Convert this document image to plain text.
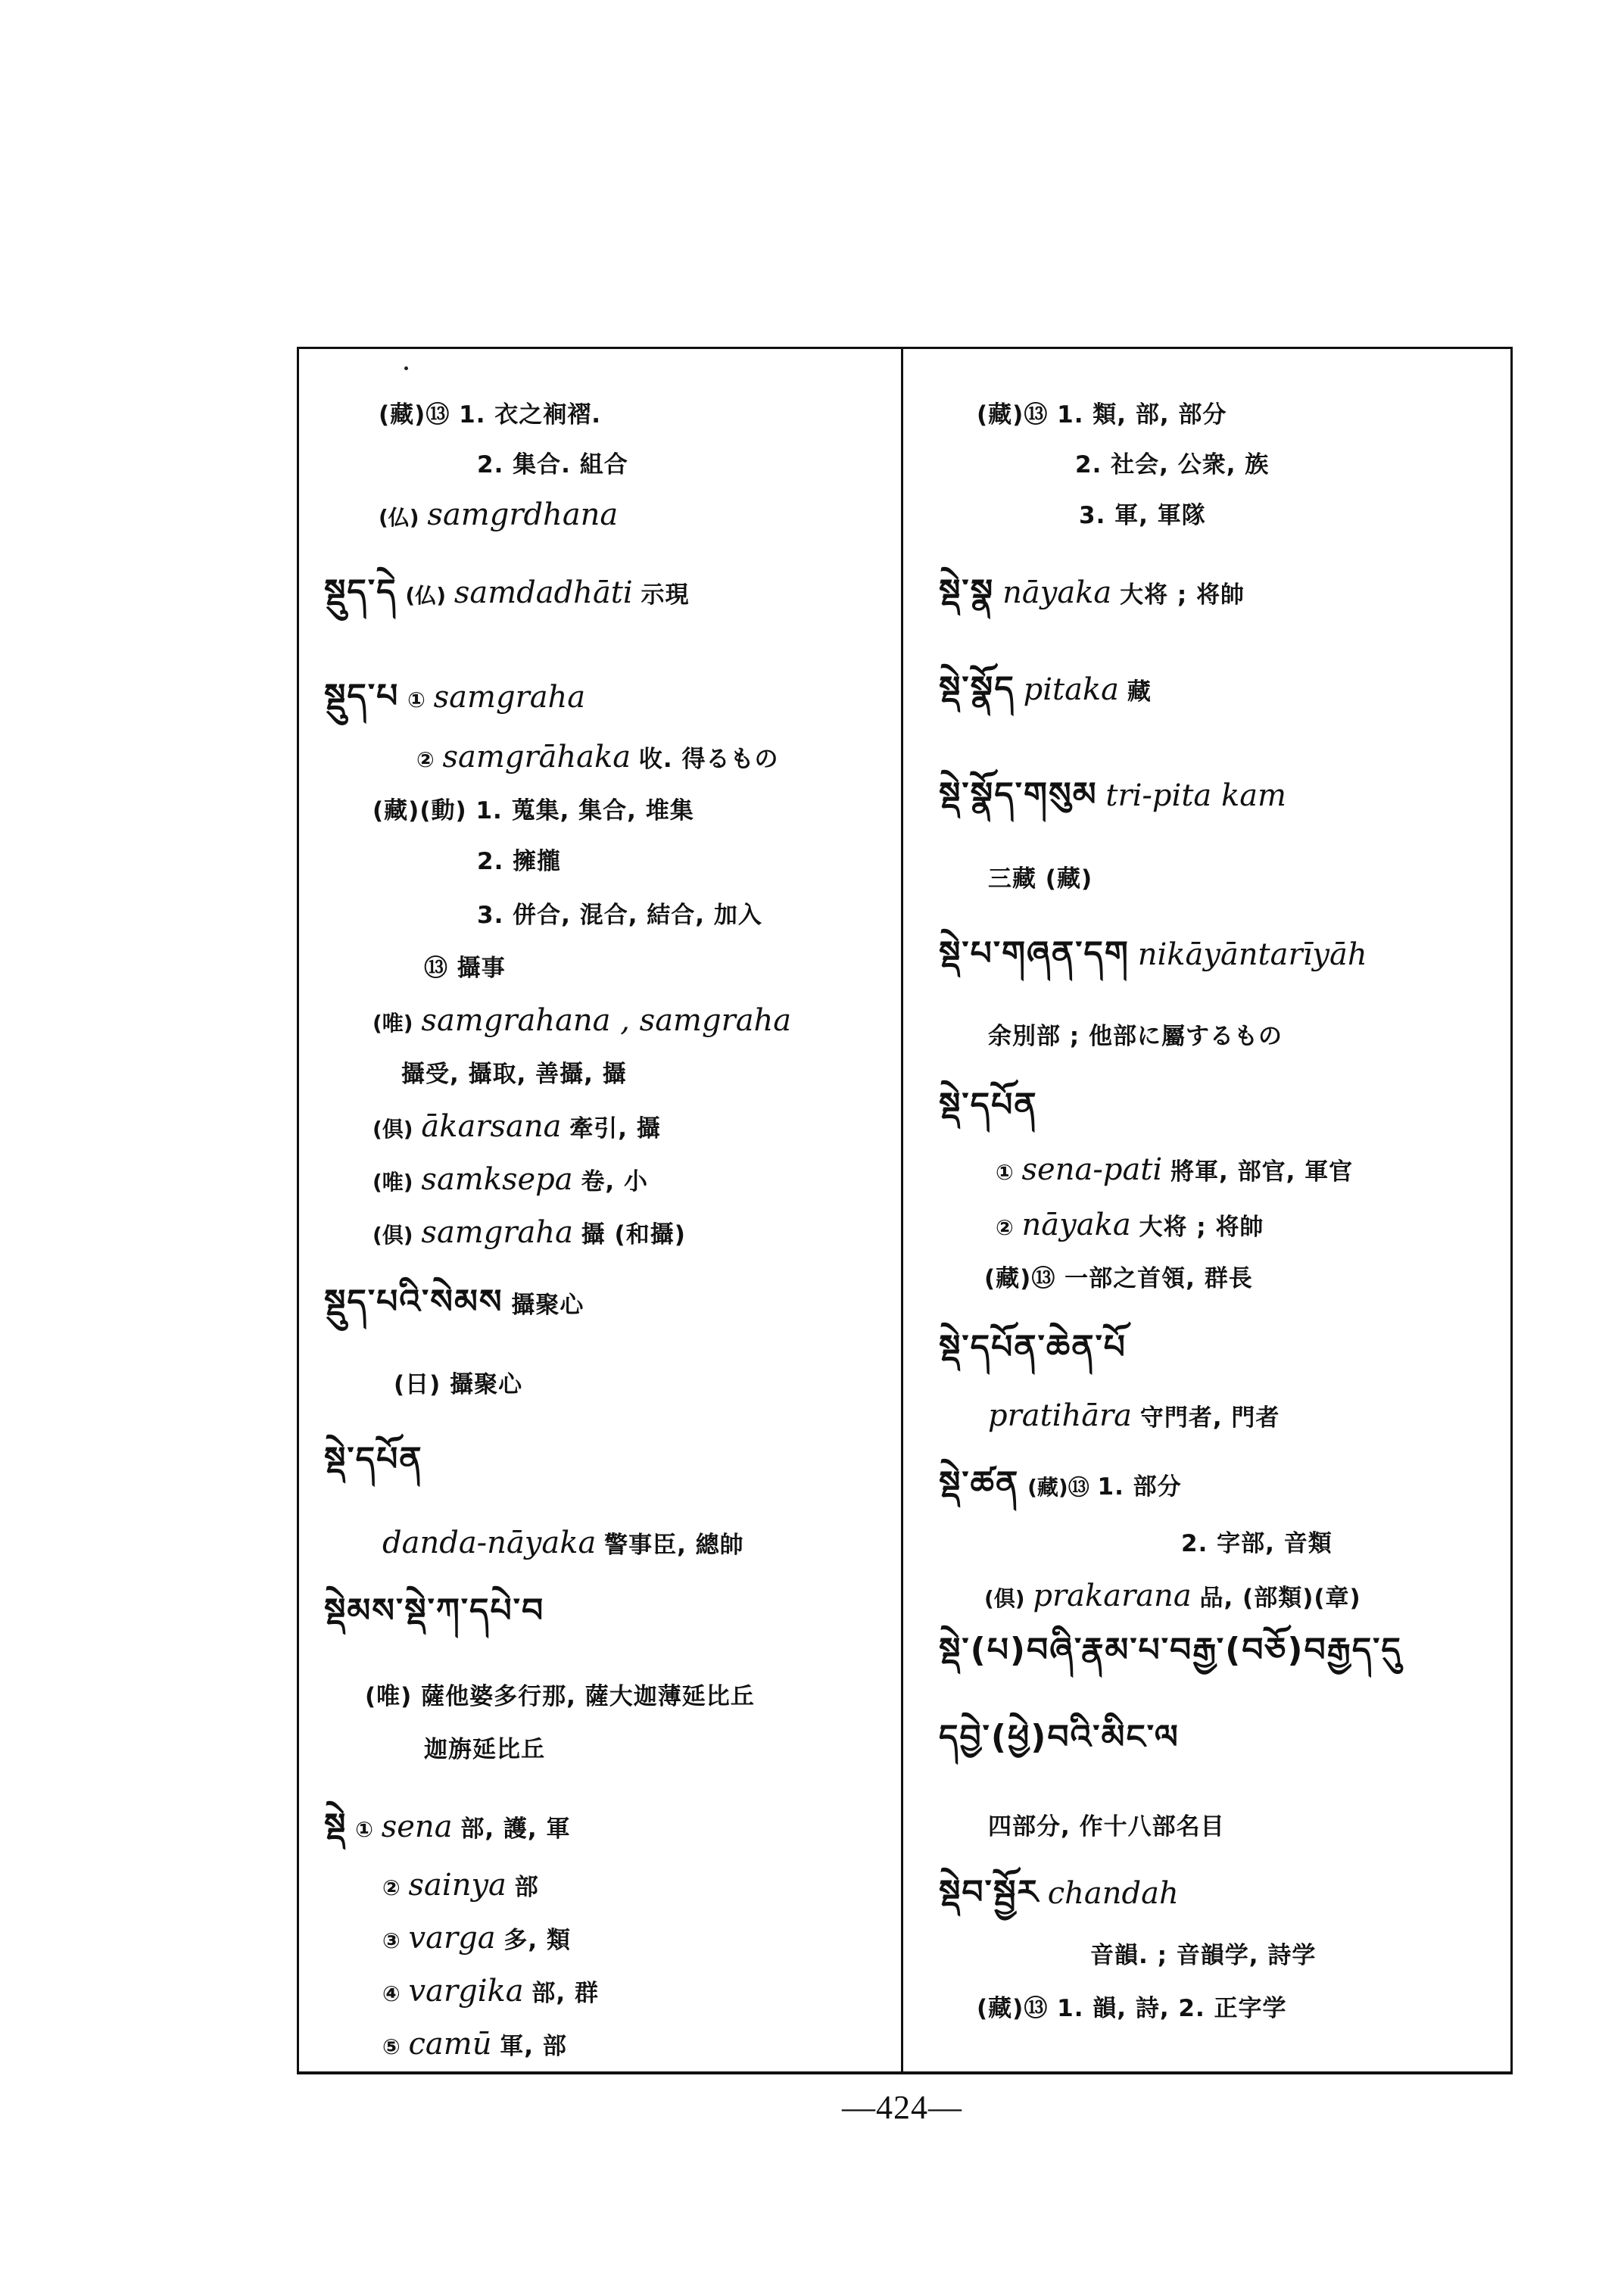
(藏)⑬ 1. 衣之裥褶.
2. 集合. 組合
(仏) samgrdhana
སྡུད་དེ (仏) samdadhāti 示現
སྡུད་པ ① samgraha
② samgrāhaka 收. 得るもの
(藏)(動) 1. 蒐集, 集合, 堆集
2. 擁攏
3. 併合, 混合, 結合, 加入
⑬ 攝事
(唯) samgrahana , samgraha
攝受, 攝取, 善攝, 攝
(倶) ākarsana 牽引, 攝
(唯) samksepa 卷, 小
(倶) samgraha 攝 (和攝)
སྡུད་པའི་སེམས 攝聚心
(日) 攝聚心
སྡེ་དཔོན
danda-nāyaka 警事臣, 總帥
སྡེམས་སྡེ་ཀ་དཔེ་བ
(唯) 薩他婆多行那, 薩大迦薄延比丘
迦旃延比丘
སྡེ ① sena 部, 護, 軍
② sainya 部
③ varga 多, 類
④ vargika 部, 群
⑤ camū 軍, 部
(藏)⑬ 1. 類, 部, 部分
2. 社会, 公衆, 族
3. 軍, 軍隊
སྡེ་སྣ nāyaka 大将 ; 将帥
སྡེ་སྣོད pitaka 藏
སྡེ་སྣོད་གསུམ tri-pita kam
三藏 (藏)
སྡེ་པ་གཞན་དག nikāyāntarīyāh
余別部 ; 他部に屬するもの
སྡེ་དཔོན
① sena-pati 將軍, 部官, 軍官
② nāyaka 大将 ; 将帥
(藏)⑬ 一部之首領, 群長
སྡེ་དཔོན་ཆེན་པོ
pratihāra 守門者, 門者
སྡེ་ཚན (藏)⑬ 1. 部分
2. 字部, 音類
(倶) prakarana 品, (部類)(章)
སྡེ་(པ)བཞི་རྣམ་པ་བརྒྱ་(བཅོ)བརྒྱད་དུ
དབྱེ་(ཕྱེ)བའི་མིང་ལ
四部分, 作十八部名目
སྡེབ་སྦྱོར chandah
音韻. ; 音韻学, 詩学
(藏)⑬ 1. 韻, 詩, 2. 正字学
—424—
